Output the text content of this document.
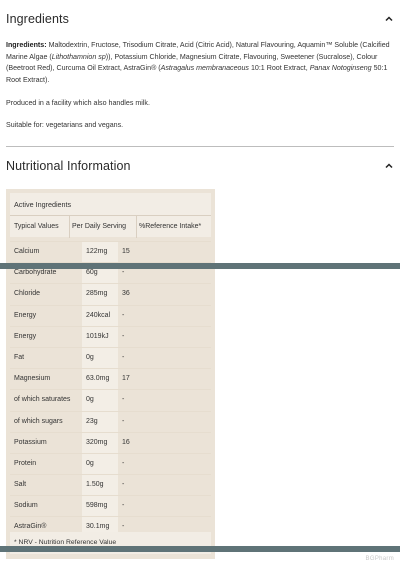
Ingredients
Ingredients: Maltodextrin, Fructose, Trisodium Citrate, Acid (Citric Acid), Natural Flavouring, Aquamin™ Soluble (Calcified Marine Algae (Lithothamnion sp)), Potassium Chloride, Magnesium Citrate, Flavouring, Sweetener (Sucralose), Colour (Beetroot Red), Curcuma Oil Extract, AstraGin® (Astragalus membranaceous 10:1 Root Extract, Panax Notoginseng 50:1 Root Extract).
Produced in a facility which also handles milk.
Suitable for: vegetarians and vegans.
Nutritional Information
Active Ingredients
Typical Values Per Daily Serving %Reference Intake*
Calcium	122mg 15
Carbohydrate	60g	-
Chloride	285mg 36
Energy	240kcal -
Energy	1019kJ -
Fat	0g	-
Magnesium	63.0mg 17
of which saturates 0g	-
of which sugars	23g	-
Potassium	320mg 16
Protein	0g	-
Salt	1.50g	-
Sodium	598mg -
AstraGin®	30.1mg -
* NRV - Nutrition Reference Value
BGPharm
